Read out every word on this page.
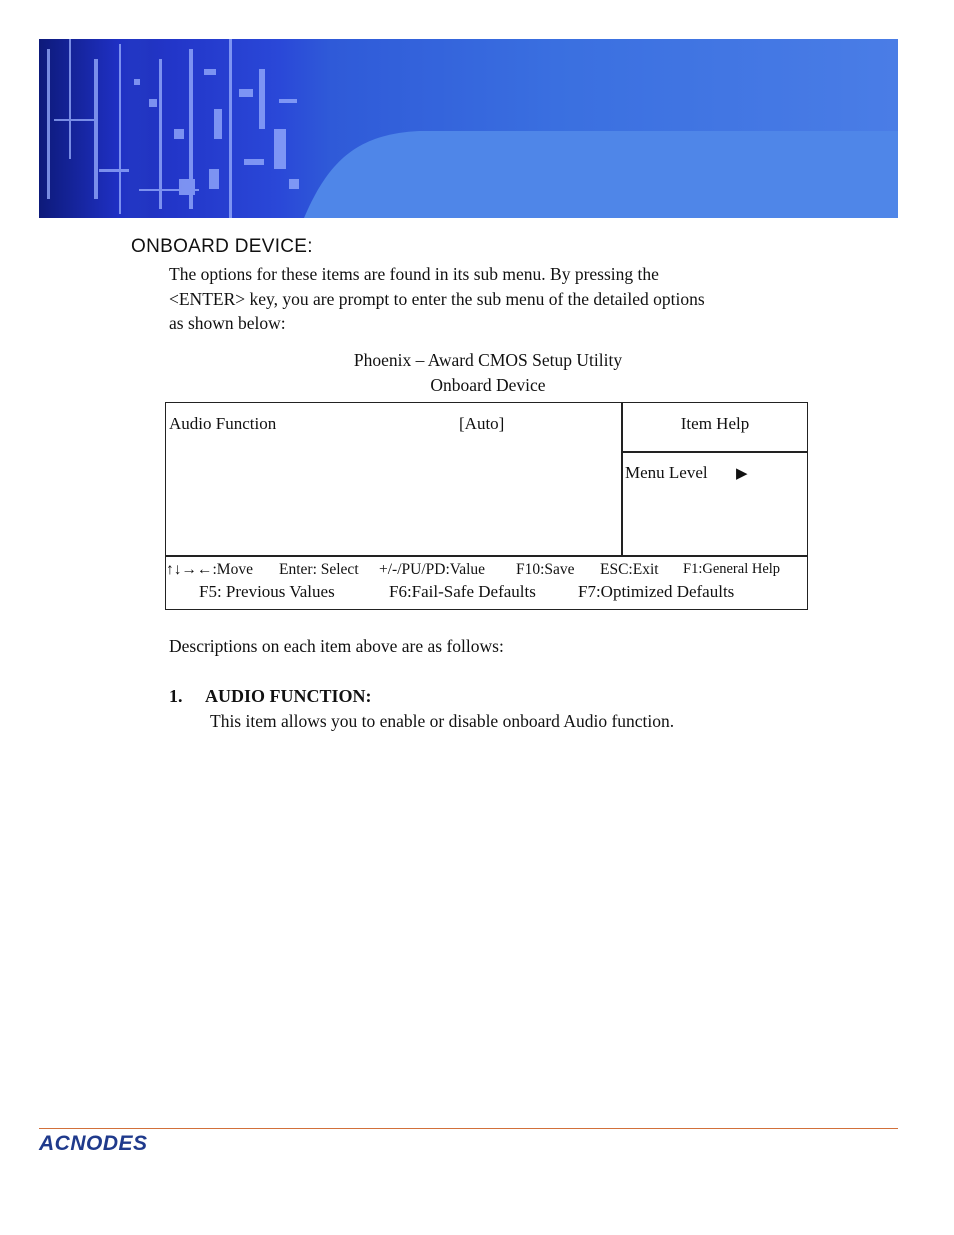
ONBOARD DEVICE:
The options for these items are found in its sub menu. By pressing the
<ENTER> key, you are prompt to enter the sub menu of the detailed options
as shown below:
Phoenix – Award CMOS Setup Utility
Onboard Device
Audio Function	[Auto]	Item Help
Menu Level ▶
↑↓→←:Move Enter: Select +/-/PU/PD:Value F10:Save ESC:Exit F1:General Help
F5: Previous Values	F6:Fail-Safe Defaults F7:Optimized Defaults
Descriptions on each item above are as follows:
1. AUDIO FUNCTION:
This item allows you to enable or disable onboard Audio function.
ACNODES
